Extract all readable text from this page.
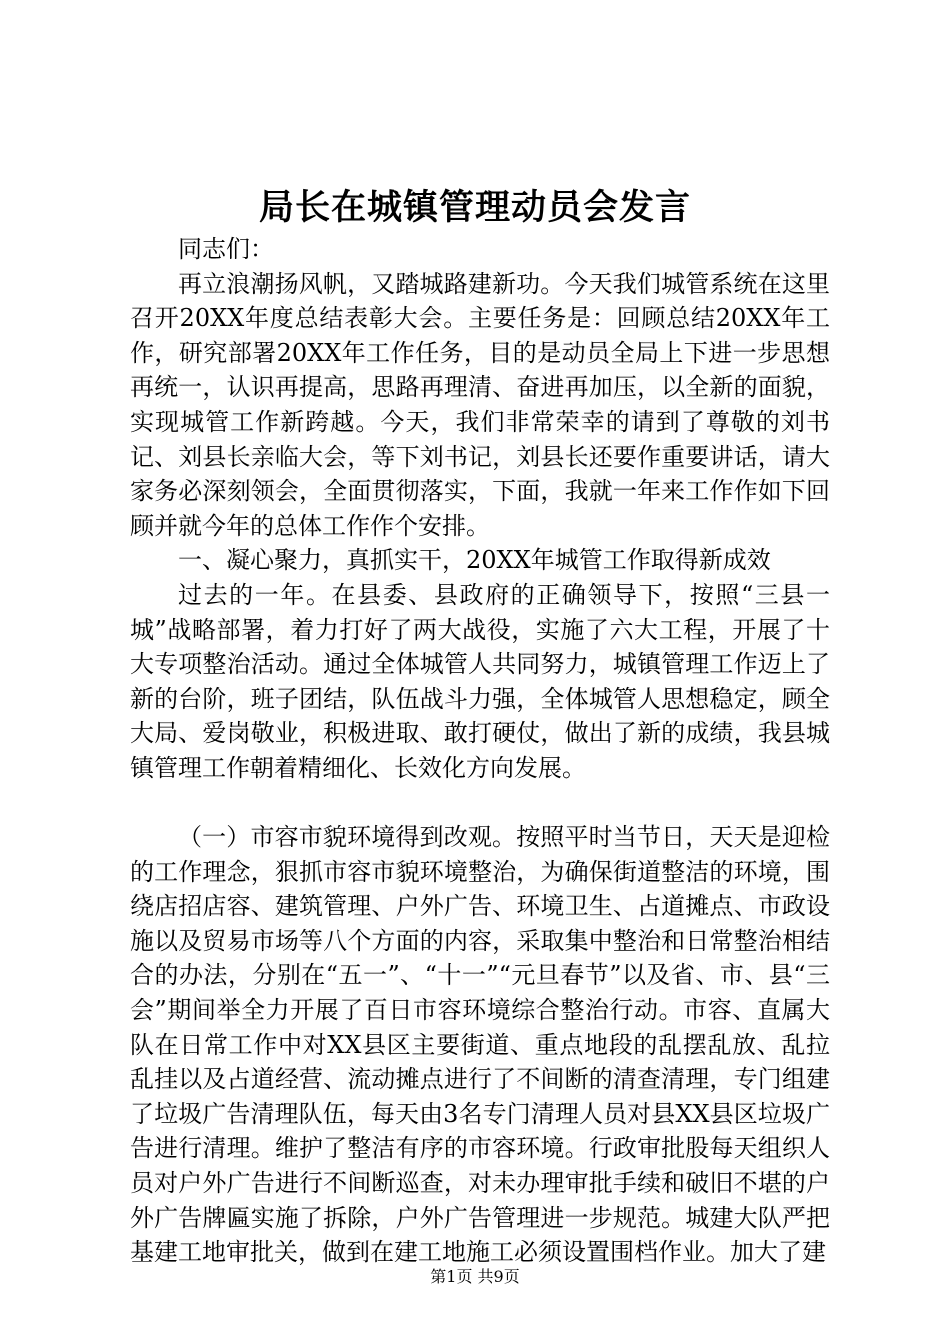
局长在城镇管理动员会发言

同志们：

再立浪潮扬风帆，又踏城路建新功。今天我们城管系统在这里召开20XX年度总结表彰大会。主要任务是：回顾总结20XX年工作，研究部署20XX年工作任务，目的是动员全局上下进一步思想再统一，认识再提高，思路再理清、奋进再加压，以全新的面貌，实现城管工作新跨越。今天，我们非常荣幸的请到了尊敬的刘书记、刘县长亲临大会，等下刘书记，刘县长还要作重要讲话，请大家务必深刻领会，全面贯彻落实，下面，我就一年来工作作如下回顾并就今年的总体工作作个安排。

一、凝心聚力，真抓实干，20XX年城管工作取得新成效

过去的一年。在县委、县政府的正确领导下，按照“三县一城”战略部署，着力打好了两大战役，实施了六大工程，开展了十大专项整治活动。通过全体城管人共同努力，城镇管理工作迈上了新的台阶，班子团结，队伍战斗力强，全体城管人思想稳定，顾全大局、爱岗敬业，积极进取、敢打硬仗，做出了新的成绩，我县城镇管理工作朝着精细化、长效化方向发展。

（一）市容市貌环境得到改观。按照平时当节日，天天是迎检的工作理念，狠抓市容市貌环境整治，为确保街道整洁的环境，围绕店招店容、建筑管理、户外广告、环境卫生、占道摊点、市政设施以及贸易市场等八个方面的内容，采取集中整治和日常整治相结合的办法，分别在“五一”、“十一”“元旦春节”以及省、市、县“三会”期间举全力开展了百日市容环境综合整治行动。市容、直属大队在日常工作中对XX县区主要街道、重点地段的乱摆乱放、乱拉乱挂以及占道经营、流动摊点进行了不间断的清查清理，专门组建了垃圾广告清理队伍，每天由3名专门清理人员对县XX县区垃圾广告进行清理。维护了整洁有序的市容环境。行政审批股每天组织人员对户外广告进行不间断巡查，对未办理审批手续和破旧不堪的户外广告牌匾实施了拆除，户外广告管理进一步规范。城建大队严把基建工地审批关，做到在建工地施工必须设置围档作业。加大了建

第1页 共9页
